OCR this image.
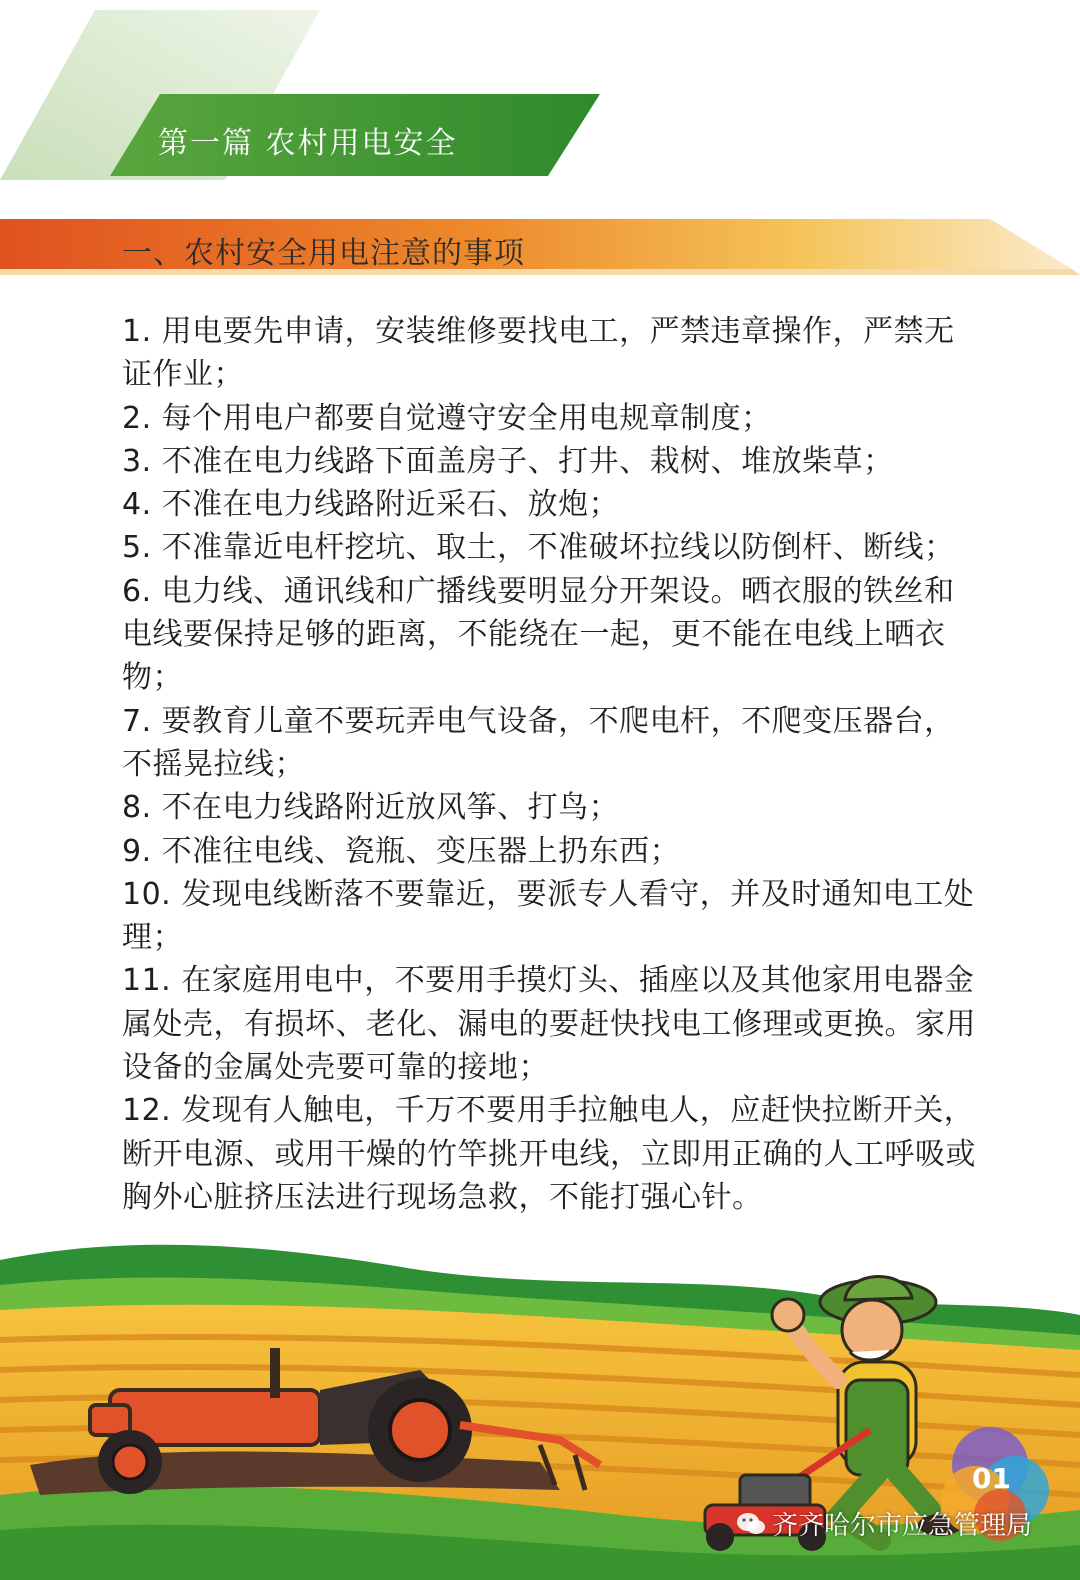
第一篇 农村用电安全
一、农村安全用电注意的事项
1. 用电要先申请，安装维修要找电工，严禁违章操作，严禁无证作业；
2. 每个用电户都要自觉遵守安全用电规章制度；
3. 不准在电力线路下面盖房子、打井、栽树、堆放柴草；
4. 不准在电力线路附近采石、放炮；
5. 不准靠近电杆挖坑、取土，不准破坏拉线以防倒杆、断线；
6. 电力线、通讯线和广播线要明显分开架设。晒衣服的铁丝和电线要保持足够的距离，不能绕在一起，更不能在电线上晒衣物；
7. 要教育儿童不要玩弄电气设备，不爬电杆，不爬变压器台，不摇晃拉线；
8. 不在电力线路附近放风筝、打鸟；
9. 不准往电线、瓷瓶、变压器上扔东西；
10. 发现电线断落不要靠近，要派专人看守，并及时通知电工处理；
11. 在家庭用电中，不要用手摸灯头、插座以及其他家用电器金属处壳，有损坏、老化、漏电的要赶快找电工修理或更换。家用设备的金属处壳要可靠的接地；
12. 发现有人触电，千万不要用手拉触电人，应赶快拉断开关，断开电源、或用干燥的竹竿挑开电线，立即用正确的人工呼吸或胸外心脏挤压法进行现场急救，不能打强心针。
01
齐齐哈尔市应急管理局
